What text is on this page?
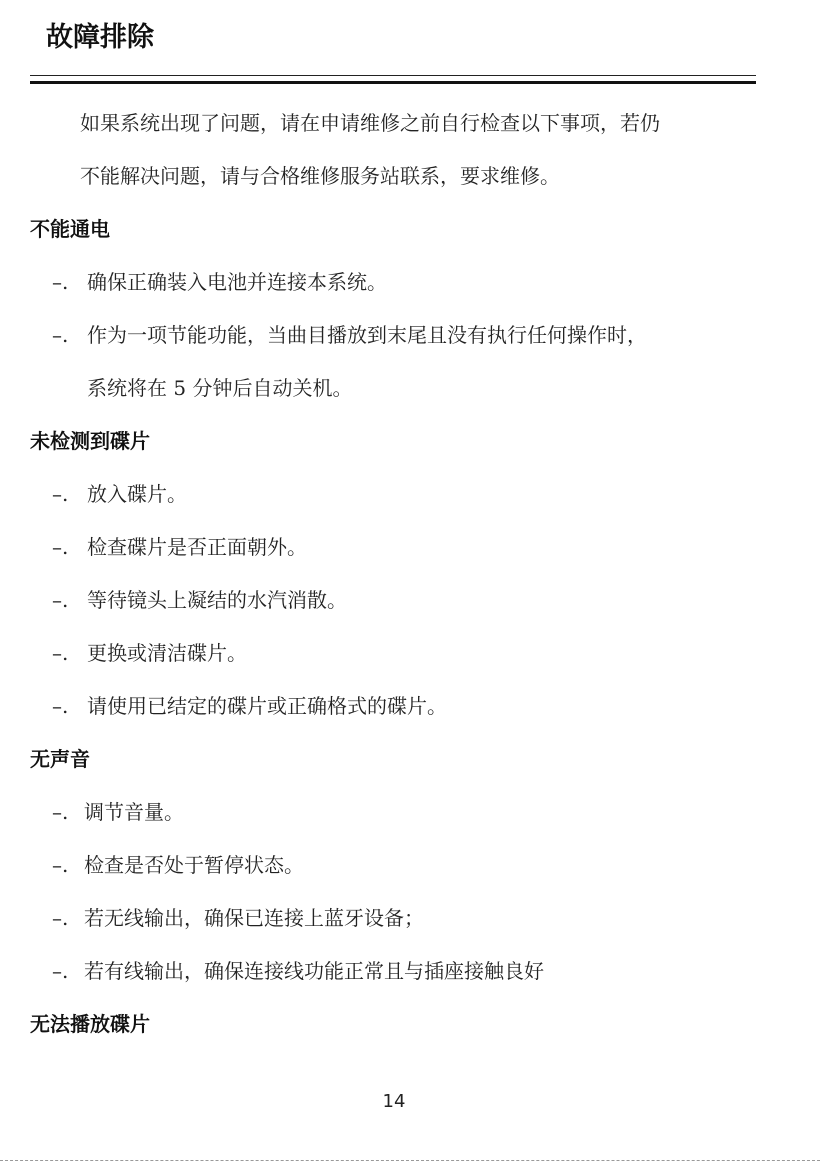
故障排除
如果系统出现了问题，请在申请维修之前自行检查以下事项，若仍
不能解决问题，请与合格维修服务站联系，要求维修。
不能通电
–. 确保正确装入电池并连接本系统。
–. 作为一项节能功能，当曲目播放到末尾且没有执行任何操作时，
系统将在 5 分钟后自动关机。
未检测到碟片
–. 放入碟片。
–. 检查碟片是否正面朝外。
–. 等待镜头上凝结的水汽消散。
–. 更换或清洁碟片。
–. 请使用已结定的碟片或正确格式的碟片。
无声音
–. 调节音量。
–. 检查是否处于暂停状态。
–. 若无线输出，确保已连接上蓝牙设备；
–. 若有线输出，确保连接线功能正常且与插座接触良好
无法播放碟片
14
